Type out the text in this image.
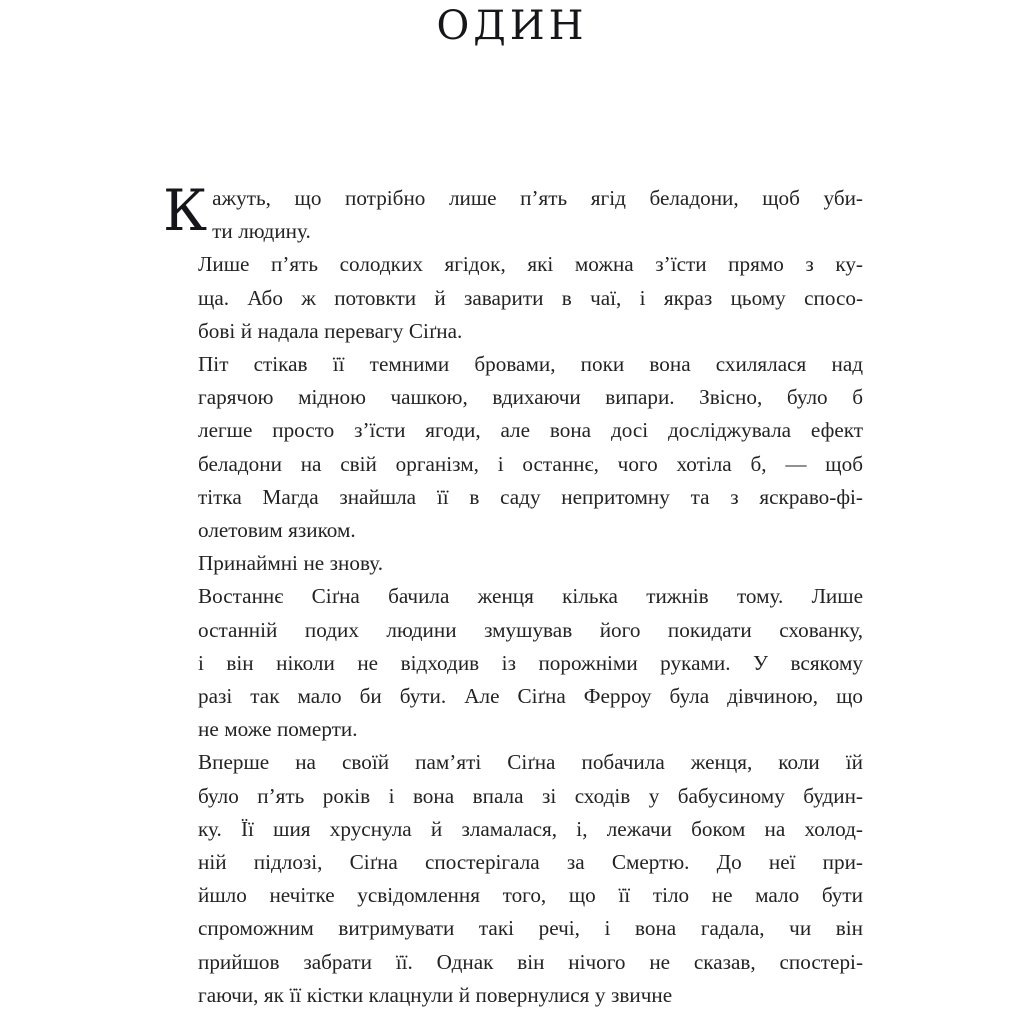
ОДИН

К ажуть, що потрібно лише п’ять ягід беладони, щоб уби-
ти людину.

Лише п’ять солодких ягідок, які можна з’їсти прямо з ку-
ща. Або ж потовкти й заварити в чаї, і якраз цьому спосо-
бові й надала перевагу Сіґна.

Піт стікав її темними бровами, поки вона схилялася над
гарячою мідною чашкою, вдихаючи випари. Звісно, було б
легше просто з’їсти ягоди, але вона досі досліджувала ефект
беладони на свій організм, і останнє, чого хотіла б, — щоб
тітка Магда знайшла її в саду непритомну та з яскраво-фі-
олетовим язиком.

Принаймні не знову.

Востаннє Сіґна бачила женця кілька тижнів тому. Лише
останній подих людини змушував його покидати схованку,
і він ніколи не відходив із порожніми руками. У всякому
разі так мало би бути. Але Сіґна Ферроу була дівчиною, що
не може померти.

Вперше на своїй пам’яті Сіґна побачила женця, коли їй
було п’ять років і вона впала зі сходів у бабусиному будин-
ку. Її шия хруснула й зламалася, і, лежачи боком на холод-
ній підлозі, Сіґна спостерігала за Смертю. До неї при-
йшло нечітке усвідомлення того, що її тіло не мало бути
спроможним витримувати такі речі, і вона гадала, чи він
прийшов забрати її. Однак він нічого не сказав, спостері-
гаючи, як її кістки клацнули й повернулися у звичне
